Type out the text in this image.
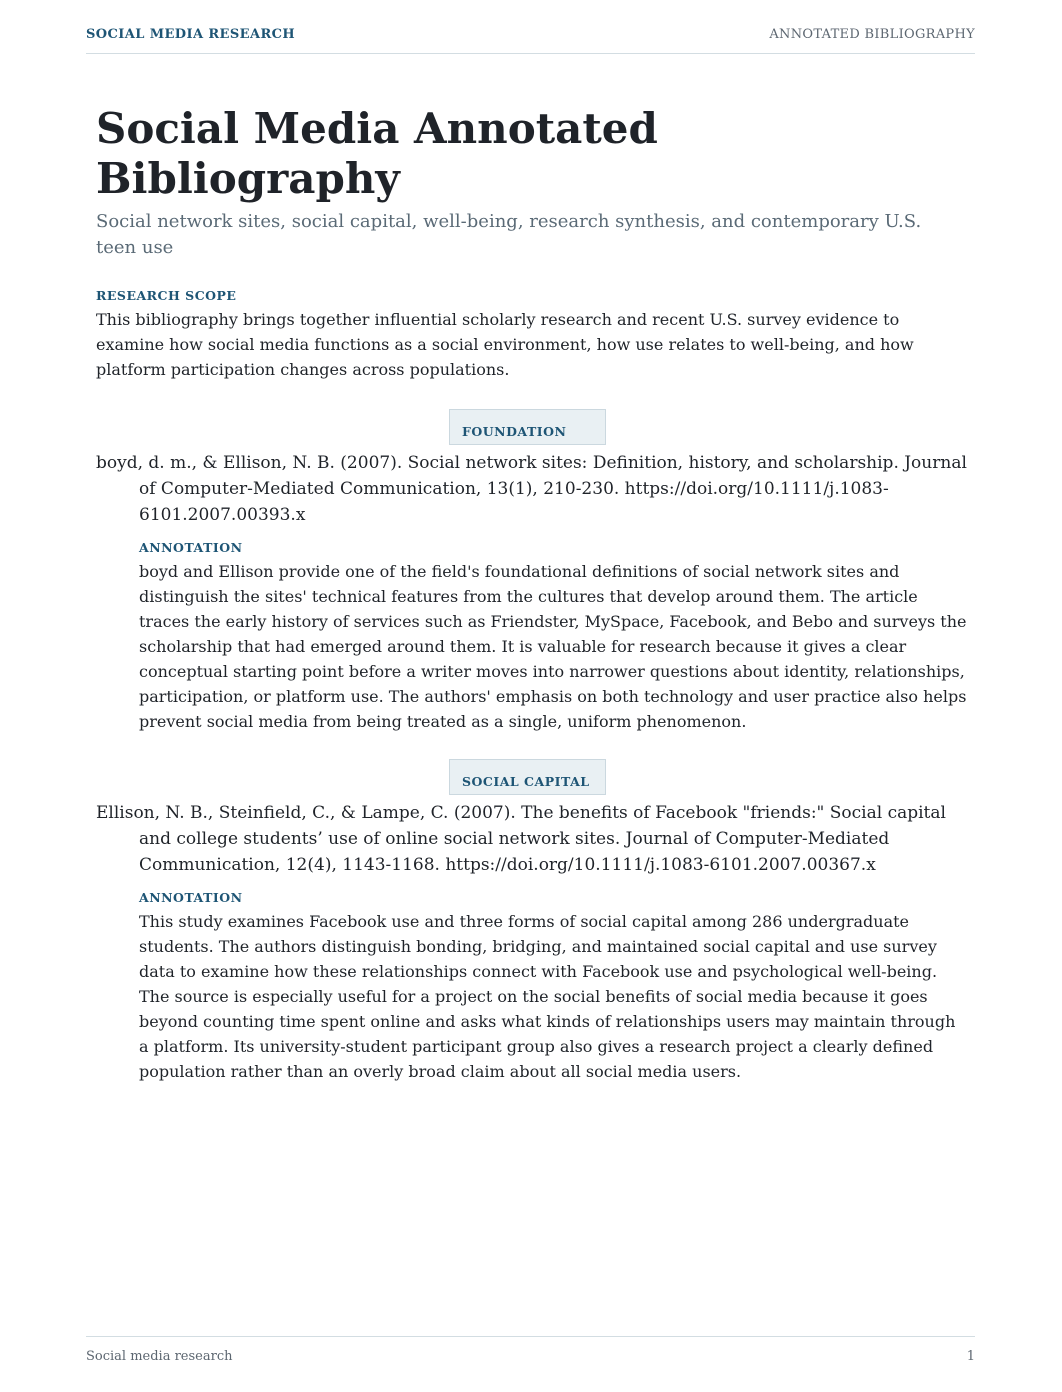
SOCIAL MEDIA RESEARCH	ANNOTATED BIBLIOGRAPHY
Social Media Annotated Bibliography
Social network sites, social capital, well-being, research synthesis, and contemporary U.S. teen use
RESEARCH SCOPE
This bibliography brings together influential scholarly research and recent U.S. survey evidence to examine how social media functions as a social environment, how use relates to well-being, and how platform participation changes across populations.
FOUNDATION
boyd, d. m., & Ellison, N. B. (2007). Social network sites: Definition, history, and scholarship. Journal of Computer-Mediated Communication, 13(1), 210-230. https://doi.org/10.1111/j.1083-6101.2007.00393.x
ANNOTATION
boyd and Ellison provide one of the field's foundational definitions of social network sites and distinguish the sites' technical features from the cultures that develop around them. The article traces the early history of services such as Friendster, MySpace, Facebook, and Bebo and surveys the scholarship that had emerged around them. It is valuable for research because it gives a clear conceptual starting point before a writer moves into narrower questions about identity, relationships, participation, or platform use. The authors' emphasis on both technology and user practice also helps prevent social media from being treated as a single, uniform phenomenon.
SOCIAL CAPITAL
Ellison, N. B., Steinfield, C., & Lampe, C. (2007). The benefits of Facebook "friends:" Social capital and college students’ use of online social network sites. Journal of Computer-Mediated Communication, 12(4), 1143-1168. https://doi.org/10.1111/j.1083-6101.2007.00367.x
ANNOTATION
This study examines Facebook use and three forms of social capital among 286 undergraduate students. The authors distinguish bonding, bridging, and maintained social capital and use survey data to examine how these relationships connect with Facebook use and psychological well-being. The source is especially useful for a project on the social benefits of social media because it goes beyond counting time spent online and asks what kinds of relationships users may maintain through a platform. Its university-student participant group also gives a research project a clearly defined population rather than an overly broad claim about all social media users.
Social media research	1
